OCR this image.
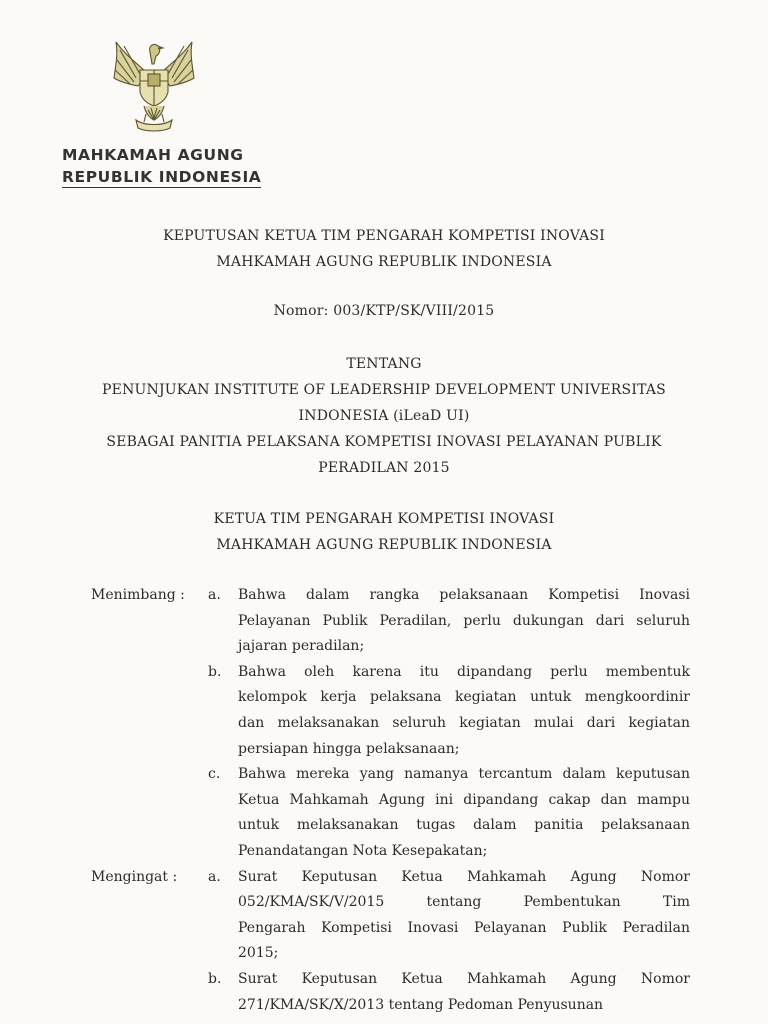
MAHKAMAH AGUNG
REPUBLIK INDONESIA
KEPUTUSAN KETUA TIM PENGARAH KOMPETISI INOVASI
MAHKAMAH AGUNG REPUBLIK INDONESIA
Nomor: 003/KTP/SK/VIII/2015
TENTANG
PENUNJUKAN INSTITUTE OF LEADERSHIP DEVELOPMENT UNIVERSITAS
INDONESIA (iLeaD UI)
SEBAGAI PANITIA PELAKSANA KOMPETISI INOVASI PELAYANAN PUBLIK
PERADILAN 2015
KETUA TIM PENGARAH KOMPETISI INOVASI
MAHKAMAH AGUNG REPUBLIK INDONESIA
Menimbang : a. Bahwa dalam rangka pelaksanaan Kompetisi Inovasi
Pelayanan Publik Peradilan, perlu dukungan dari seluruh
jajaran peradilan;
b. Bahwa oleh karena itu dipandang perlu membentuk
kelompok kerja pelaksana kegiatan untuk mengkoordinir
dan melaksanakan seluruh kegiatan mulai dari kegiatan
persiapan hingga pelaksanaan;
c. Bahwa mereka yang namanya tercantum dalam keputusan
Ketua Mahkamah Agung ini dipandang cakap dan mampu
untuk melaksanakan tugas dalam panitia pelaksanaan
Penandatangan Nota Kesepakatan;
Mengingat : a. Surat Keputusan Ketua Mahkamah Agung Nomor
052/KMA/SK/V/2015 tentang Pembentukan Tim
Pengarah Kompetisi Inovasi Pelayanan Publik Peradilan
2015;
b. Surat Keputusan Ketua Mahkamah Agung Nomor
271/KMA/SK/X/2013 tentang Pedoman Penyusunan
